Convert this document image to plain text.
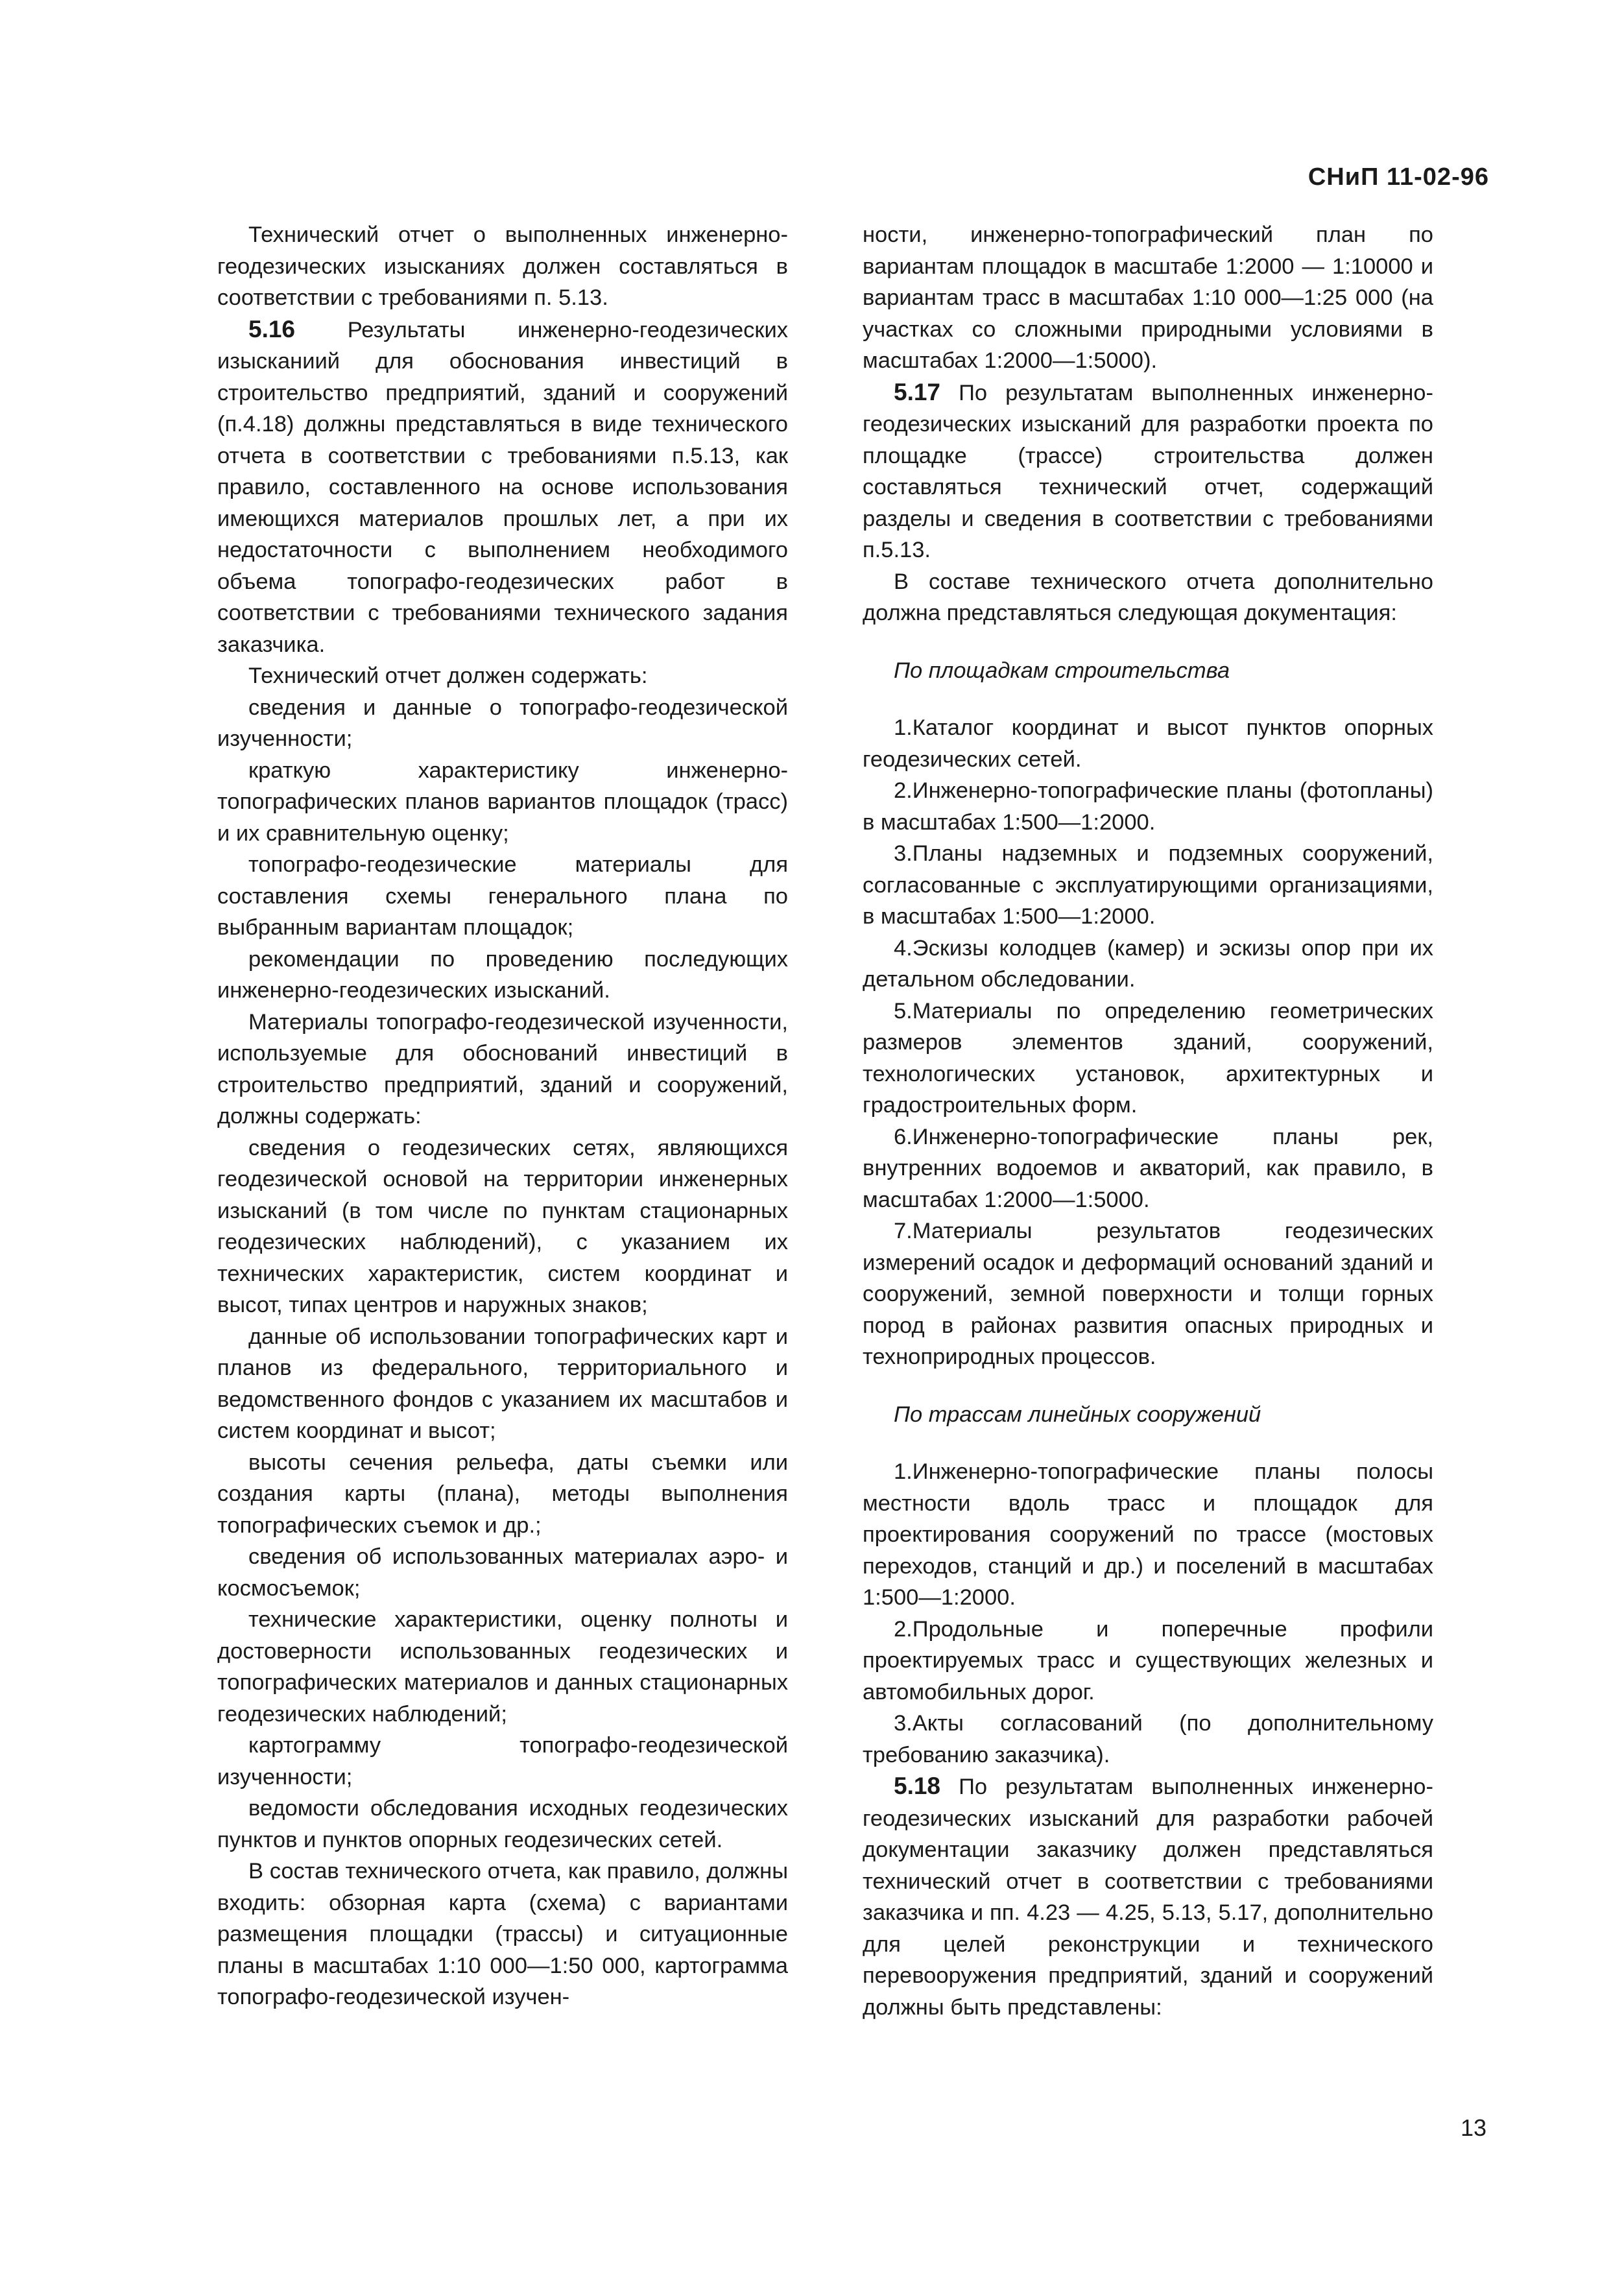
СНиП 11-02-96

Технический отчет о выполненных инженерно-геодезических изысканиях должен составляться в соответствии с требованиями п. 5.13.

5.16 Результаты инженерно-геодезических изысканиий для обоснования инвестиций в строительство предприятий, зданий и сооружений (п.4.18) должны представляться в виде технического отчета в соответствии с требованиями п.5.13, как правило, составленного на основе использования имеющихся материалов прошлых лет, а при их недостаточности с выполнением необходимого объема топографо-геодезических работ в соответствии с требованиями технического задания заказчика.

Технический отчет должен содержать:

сведения и данные о топографо-геодезической изученности;

краткую характеристику инженерно-топографических планов вариантов площадок (трасс) и их сравнительную оценку;

топографо-геодезические материалы для составления схемы генерального плана по выбранным вариантам площадок;

рекомендации по проведению последующих инженерно-геодезических изысканий.

Материалы топографо-геодезической изученности, используемые для обоснований инвестиций в строительство предприятий, зданий и сооружений, должны содержать:

сведения о геодезических сетях, являющихся геодезической основой на территории инженерных изысканий (в том числе по пунктам стационарных геодезических наблюдений), с указанием их технических характеристик, систем координат и высот, типах центров и наружных знаков;

данные об использовании топографических карт и планов из федерального, территориального и ведомственного фондов с указанием их масштабов и систем координат и высот;

высоты сечения рельефа, даты съемки или создания карты (плана), методы выполнения топографических съемок и др.;

сведения об использованных материалах аэро- и космосъемок;

технические характеристики, оценку полноты и достоверности использованных геодезических и топографических материалов и данных стационарных геодезических наблюдений;

картограмму топографо-геодезической изученности;

ведомости обследования исходных геодезических пунктов и пунктов опорных геодезических сетей.

В состав технического отчета, как правило, должны входить: обзорная карта (схема) с вариантами размещения площадки (трассы) и ситуационные планы в масштабах 1:10 000—1:50 000, картограмма топографо-геодезической изучен-

ности, инженерно-топографический план по вариантам площадок в масштабе 1:2000 — 1:10000 и вариантам трасс в масштабах 1:10 000—1:25 000 (на участках со сложными природными условиями в масштабах 1:2000—1:5000).

5.17 По результатам выполненных инженерно-геодезических изысканий для разработки проекта по площадке (трассе) строительства должен составляться технический отчет, содержащий разделы и сведения в соответствии с требованиями п.5.13.

В составе технического отчета дополнительно должна представляться следующая документация:

По площадкам строительства

1.Каталог координат и высот пунктов опорных геодезических сетей.

2.Инженерно-топографические планы (фотопланы) в масштабах 1:500—1:2000.

3.Планы надземных и подземных сооружений, согласованные с эксплуатирующими организациями, в масштабах 1:500—1:2000.

4.Эскизы колодцев (камер) и эскизы опор при их детальном обследовании.

5.Материалы по определению геометрических размеров элементов зданий, сооружений, технологических установок, архитектурных и градостроительных форм.

6.Инженерно-топографические планы рек, внутренних водоемов и акваторий, как правило, в масштабах 1:2000—1:5000.

7.Материалы результатов геодезических измерений осадок и деформаций оснований зданий и сооружений, земной поверхности и толщи горных пород в районах развития опасных природных и техноприродных процессов.

По трассам линейных сооружений

1.Инженерно-топографические планы полосы местности вдоль трасс и площадок для проектирования сооружений по трассе (мостовых переходов, станций и др.) и поселений в масштабах 1:500—1:2000.

2.Продольные и поперечные профили проектируемых трасс и существующих железных и автомобильных дорог.

3.Акты согласований (по дополнительному требованию заказчика).

5.18 По результатам выполненных инженерно-геодезических изысканий для разработки рабочей документации заказчику должен представляться технический отчет в соответствии с требованиями заказчика и пп. 4.23 — 4.25, 5.13, 5.17, дополнительно для целей реконструкции и технического перевооружения предприятий, зданий и сооружений должны быть представлены:

13
